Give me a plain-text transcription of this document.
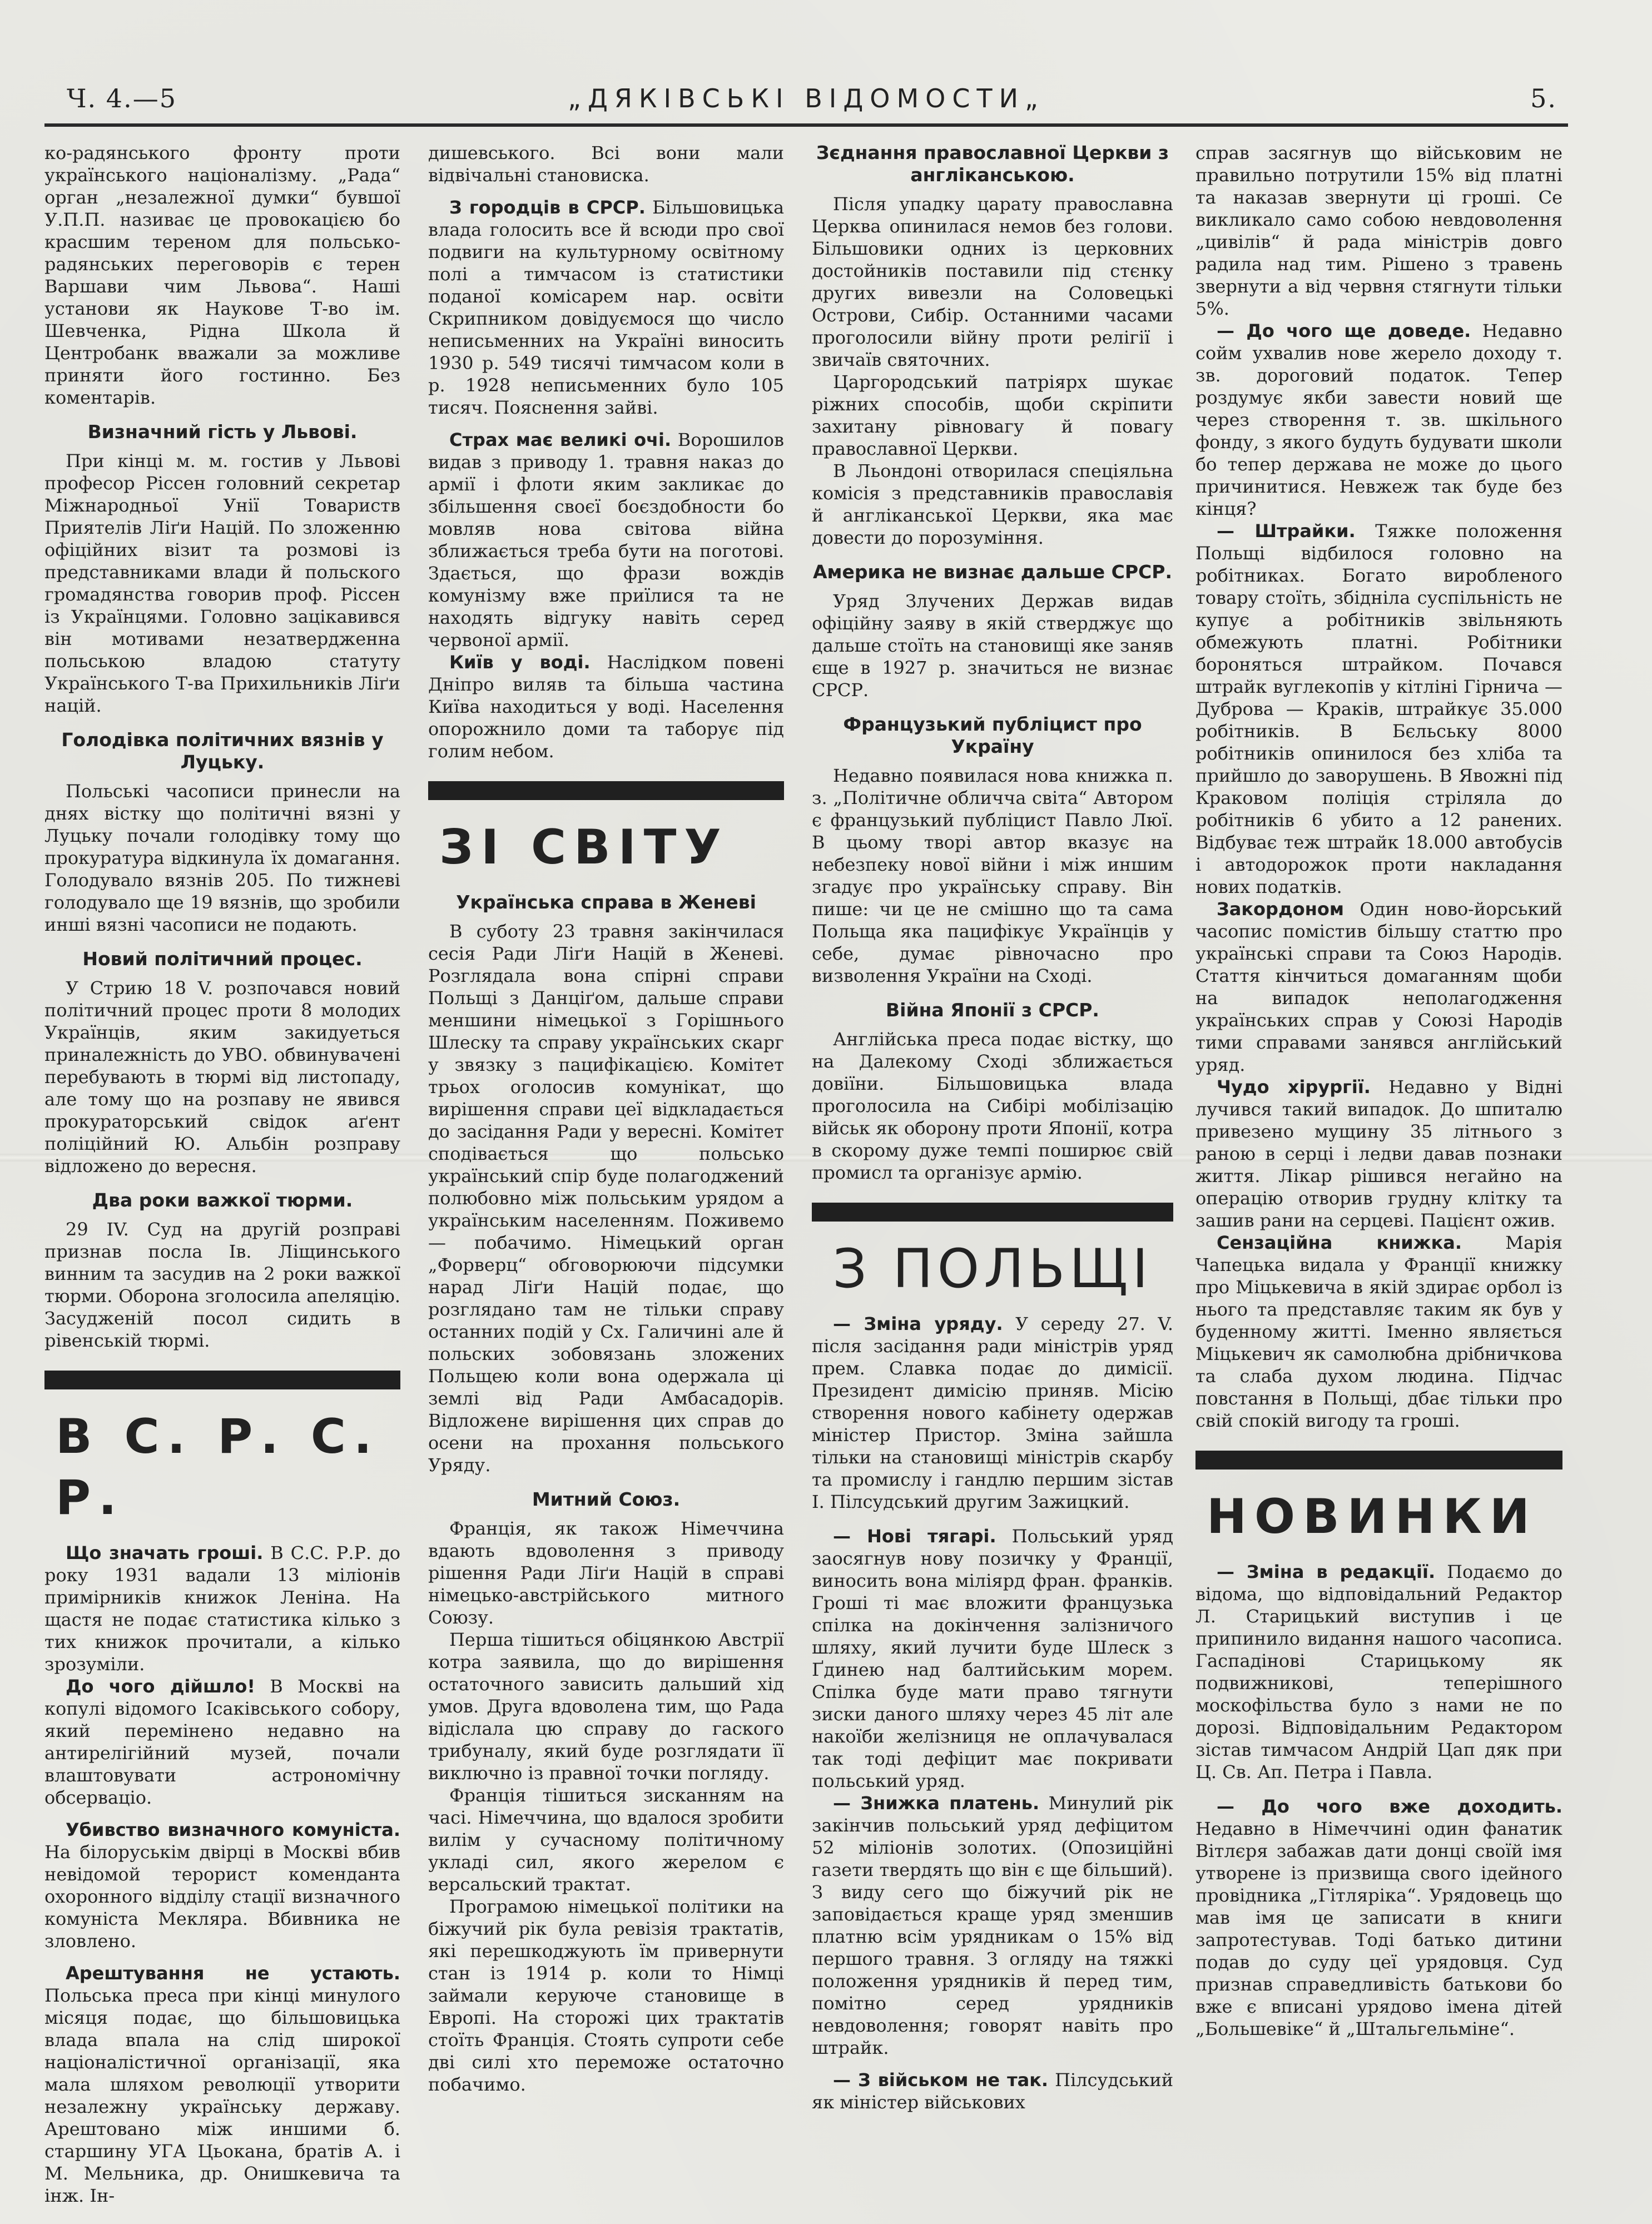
Ч. 4.—5	„ДЯКІВСЬКІ ВІДОМОСТИ„	5.

ко-радянського фронту проти українського націоналізму. „Рада“ орган „незалежної думки“ бувшої У.П.П. називає це провокацією бо красшим тереном для польсько-радянських переговорів є терен Варшави чим Львова“. Наші установи як Наукове Т-во ім. Шевченка, Рідна Школа й Центробанк вважали за можливе приняти його гостинно. Без коментарів.

Визначний гість у Львові.

При кінці м. м. гостив у Львові професор Рісcен головний секретар Міжнародньої Унії Товариств Приятелів Ліґи Націй. По зложенню офіційних візит та розмові із представниками влади й польского громадянства говорив проф. Рісcен із Українцями. Головно зацікавився він мотивами незатвердженна польською владою статуту Українського Т-ва Прихильників Ліґи націй.

Голодівка політичних вязнів у Луцьку.

Польські часописи принесли на днях вістку що політичні вязні у Луцьку почали голодівку тому що прокуратура відкинула їх домагання. Голодувало вязнів 205. По тижневі голодувало ще 19 вязнів, що зробили инші вязні часописи не подають.

Новий політичний процес.

У Стрию 18 V. розпочався новий політичний процес проти 8 молодих Українців, яким закидуеться приналежність до УВО. обвинувачені перебувають в тюрмі від листопаду, але тому що на розпаву не явився прокураторський свідок аґент поліційний Ю. Альбін розправу відложено до вересня.

Два роки важкої тюрми.

29 IV. Суд на другій розправі признав посла Ів. Ліщинського винним та засудив на 2 роки важкої тюрми. Оборона зголосила апеляцію. Засудженій посол сидить в рівенській тюрмі.

В С. Р. С. Р.

Що значать гроші. В С.С. Р.Р. до року 1931 вадали 13 міліонів примірників книжок Леніна. На щастя не подає статистика кілько з тих книжок прочитали, а кілько зрозуміли.

До чого дійшло! В Москві на копулі відомого Ісаківського собору, який перемінено недавно на антирелігійний музей, почали влаштовувати астрономічну обсерваціо.

Убивство визначного комуніста. На білоруськім двірці в Москві вбив невідомой терорист коменданта охоронного відділу стації визначного комуніста Мекляра. Вбивника не зловлено.

Арештування не устають. Польська преса при кінці минулого місяця подає, що більшовицька влада впала на слід широкої націоналістичної організації, яка мала шляхом революції утворити незалежну українську державу. Арештовано між иншими б. старшину УГА Цьокана, братів А. і М. Мельника, др. Онишкевича та інж. Ін-

дишевського. Всі вони мали відвічальні становиска.

З городців в СРСР. Більшовицька влада голосить все й всюди про свої подвиги на культурному освітному полі а тимчасом із статистики поданої комісарем нар. освіти Скрипником довідуємося що число неписьменних на Україні виносить 1930 р. 549 тисячі тимчасом коли в р. 1928 неписьменних було 105 тисяч. Пояснення зайві.

Страх має великі очі. Ворошилов видав з приводу 1. травня наказ до армії і флоти яким закликає до збільшення своєї боєздобности бо мовляв нова світова війна зближається треба бути на поготові. Здається, що фрази вождів комунізму вже приїлися та не находять відгуку навіть серед червоної армії.

Київ у воді. Наслідком повені Дніпро виляв та більша частина Київа находиться у воді. Населення опорожнило доми та таборує під голим небом.

ЗІ СВІТУ
Українська справа в Женеві

В суботу 23 травня закінчилася сесія Ради Ліґи Націй в Женеві. Розглядала вона спірні справи Польщі з Данціґом, дальше справи меншини німецької з Горішнього Шлеску та справу українських скарг у звязку з пацифікацією. Комітет трьох оголосив комунікат, що вирішення справи цеї відкладається до засідання Ради у вересні. Комітет сподівається що польсько український спір буде полагоджений полюбовно між польським урядом а українським населенням. Поживемо — побачимо. Німецький орган „Форверц“ обговорюючи підсумки нарад Ліґи Націй подає, що розглядано там не тільки справу останних подій у Сх. Галичині але й польских зобовязань зложених Польщею коли вона одержала ці землі від Ради Амбасадорів. Відложене вирішення цих справ до осени на прохання польського Уряду.

Митний Союз.

Франція, як також Німеччина вдають вдоволення з приводу рішення Ради Ліґи Націй в справі німецько-австрійського митного Союзу.

Перша тішиться обіцянкою Австрії котра заявила, що до вирішення остаточного зависить дальший хід умов. Друга вдоволена тим, що Рада відіслала цю справу до гаского трибуналу, який буде розглядати її виключно із правної точки погляду.

Франція тішиться зисканням на часі. Німеччина, що вдалося зробити вилім у сучасному політичному укладі сил, якого жерелом є версальский трактат.

Програмою німецької політики на біжучий рік була ревізія трактатів, які перешкоджують їм привернути стан із 1914 р. коли то Німці займали керуюче становище в Европі. На сторожі цих трактатів стоїть Франція. Стоять супроти себе дві силі хто переможе остаточно побачимо.

Зєднання православної Церкви з англіканською.

Після упадку царату православна Церква опинилася немов без голови. Більшовики одних із церковних достойників поставили під стєнку других вивезли на Соловецькі Острови, Сибір. Останними часами проголосили війну проти релігії і звичаїв святочних.

Царгородський патріярх шукає ріжних способів, щоби скріпити захитану рівновагу й повагу православної Церкви.

В Льондоні отворилася спеціяльна комісія з представників православія й англіканської Церкви, яка має довести до порозуміння.

Америка не визнає дальше СРСР.

Уряд Злучених Держав видав офіційну заяву в якій стверджує що дальше стоїть на становищі яке заняв єще в 1927 р. значиться не визнає СРСР.

Французький публіцист про Україну

Недавно появилася нова книжка п. з. „Політичне обличча світа“ Автором є французький публіцист Павло Люї. В цьому творі автор вказує на небезпеку нової війни і між иншим згадує про українську справу. Він пише: чи це не смішно що та сама Польща яка пацифікує Українців у себе, думає рівночасно про визволення України на Сході.

Війна Японії з СРСР.

Англійська преса подає вістку, що на Далекому Сході зближається довіїни. Більшовицька влада проголосила на Сибірі мобілізацію військ як оборону проти Японії, котра в скорому дуже темпі поширює свій промисл та організує армію.

З ПОЛЬЩІ

— Зміна уряду. У середу 27. V. після засідання ради міністрів уряд прем. Славка подає до димісії. Президент димісію приняв. Місію створення нового кабінету одержав міністер Пристор. Зміна зайшла тільки на становищі міністрів скарбу та промислу і гандлю першим зістав І. Пілсудський другим Зажицкий.

— Нові тягарі. Польський уряд заосягнув нову позичку у Франції, виносить вона міліярд фран. франків. Гроші ті має вложити французька спілка на докінчення залізничого шляху, який лучити буде Шлеск з Ґдинею над балтийським морем. Спілка буде мати право тягнути зиски даного шляху через 45 літ але накоїби желізниця не оплачувалася так тоді дефіцит має покривати польський уряд.

— Знижка платень. Минулий рік закінчив польський уряд дефіцитом 52 міліонів золотих. (Опозиційні газети твердять що він є ще більший). З виду сего що біжучий рік не заповідається краще уряд зменшив платню всім урядникам о 15% від першого травня. З огляду на тяжкі положення урядників й перед тим, помітно серед урядників невдоволення; говорят навіть про штрайк.

— З військом не так. Пілсудський як міністер військових

справ засягнув що військовим не правильно потрутили 15% від платні та наказав звернути ці гроші. Се викликало само собою невдоволення „цивілів“ й рада міністрів довго радила над тим. Рішено з травень звернути а від червня стягнути тільки 5%.

— До чого ще доведе. Недавно сойм ухвалив нове жерело доходу т. зв. дороговий податок. Тепер роздумує якби завести новий ще через створення т. зв. шкільного фонду, з якого будуть будувати школи бо тепер держава не може до цього причинитися. Невжеж так буде без кінця?

— Штрайки. Тяжке положення Польщі відбилося головно на робітниках. Богато виробленого товару стоїть, збідніла суспільність не купує а робітників звільняють обмежують платні. Робітники бороняться штрайком. Почався штрайк вуглекопів у кітліні Гірнича — Дуброва — Кракiв, штрайкує 35.000 робітників. В Бєльську 8000 робітників опинилося без хліба та прийшло до заворушень. В Явожні під Краковом поліція стріляла до робітників 6 убито а 12 ранених. Відбуває теж штрайк 18.000 автобусів і автодорожок проти накладання нових податків.

Закордоном Один ново-йорський часопис помістив більшу статтю про українські справи та Союз Народів. Стаття кінчиться домаганням щоби на випадок неполагодження українських справ у Союзі Народів тими справами занявся англійський уряд.

Чудо хірургії. Недавно у Відні лучився такий випадок. До шпиталю привезено мущину 35 літнього з раною в серці і ледви давав познаки життя. Лікар рішився негайно на операцію отворив грудну клітку та зашив рани на серцеві. Пацієнт ожив.

Сензаційна книжка. Марія Чапецька видала у Франції книжку про Міцькевича в якій здирає орбол із нього та представляє таким як був у буденному житті. Іменно являється Міцькевич як самолюбна дрібничкова та слаба духом людина. Підчас повстання в Польщі, дбає тільки про свій спокій вигоду та гроші.

НОВИНКИ

— Зміна в редакції. Подаємо до відома, що відповідальний Редактор Л. Старицький виступив і це припинило видання нашого часописа. Гаспадінові Старицькому як подвижникові, теперішного москофільства було з нами не по дорозі. Відповідальним Редактором зістав тимчасом Андрій Цап дяк при Ц. Св. Ап. Петра і Павла.

— До чого вже доходить. Недавно в Німеччині один фанатик Вітлєря забажав дати донці своїй імя утворене із призвища свого ідейного провідника „Гітляріка“. Урядовець що мав імя це записати в книги запротестував. Тоді батько дитини подав до суду цеї урядовця. Суд признав справедливість батькови бо вже є вписані урядово імена дітей „Большевіке“ й „Штальгельміне“.
